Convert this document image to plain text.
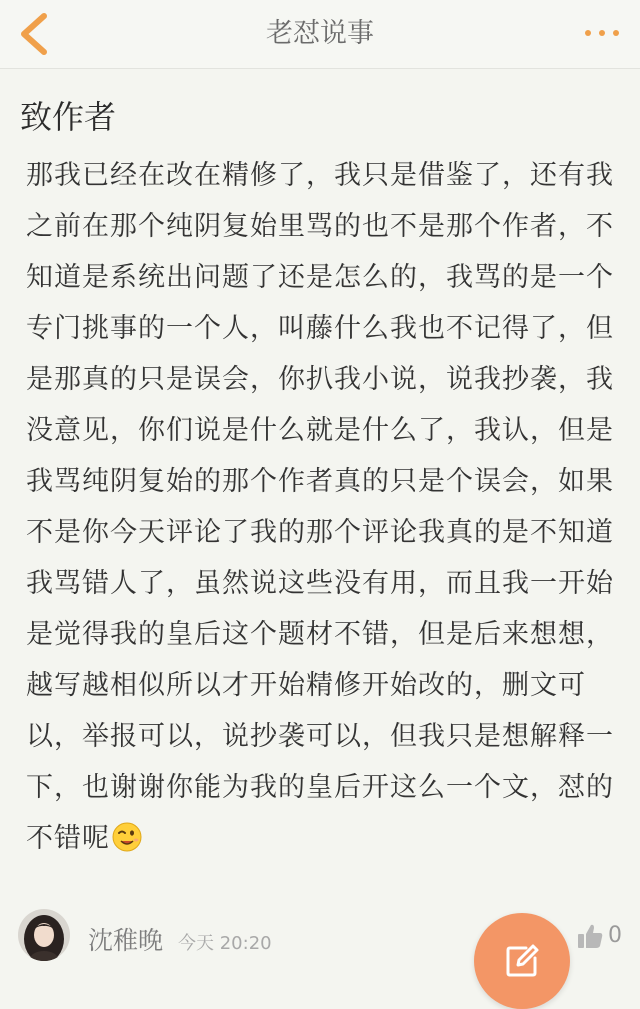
老怼说事
致作者
那我已经在改在精修了，我只是借鉴了，还有我之前在那个纯阴复始里骂的也不是那个作者，不知道是系统出问题了还是怎么的，我骂的是一个专门挑事的一个人，叫藤什么我也不记得了，但是那真的只是误会，你扒我小说，说我抄袭，我没意见，你们说是什么就是什么了，我认，但是我骂纯阴复始的那个作者真的只是个误会，如果不是你今天评论了我的那个评论我真的是不知道我骂错人了，虽然说这些没有用，而且我一开始是觉得我的皇后这个题材不错，但是后来想想，越写越相似所以才开始精修开始改的，删文可以，举报可以，说抄袭可以，但我只是想解释一下，也谢谢你能为我的皇后开这么一个文，怼的不错呢
沈稚晚 今天 20:20	0
